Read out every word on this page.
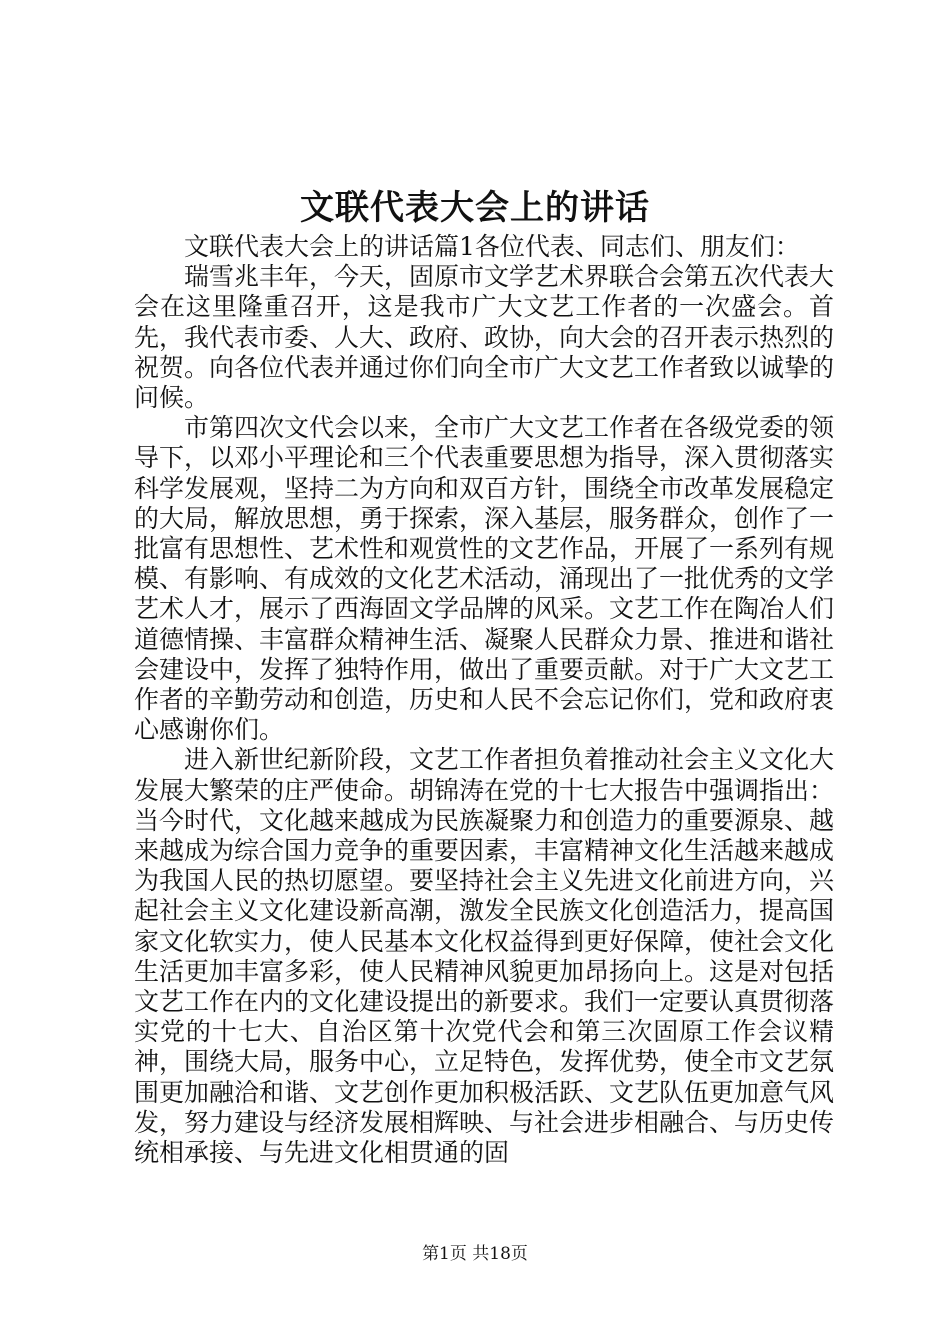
文联代表大会上的讲话

文联代表大会上的讲话篇1各位代表、同志们、朋友们：

瑞雪兆丰年，今天，固原市文学艺术界联合会第五次代表大会在这里隆重召开，这是我市广大文艺工作者的一次盛会。首先，我代表市委、人大、政府、政协，向大会的召开表示热烈的祝贺。向各位代表并通过你们向全市广大文艺工作者致以诚挚的问候。

市第四次文代会以来，全市广大文艺工作者在各级党委的领导下，以邓小平理论和三个代表重要思想为指导，深入贯彻落实科学发展观，坚持二为方向和双百方针，围绕全市改革发展稳定的大局，解放思想，勇于探索，深入基层，服务群众，创作了一批富有思想性、艺术性和观赏性的文艺作品，开展了一系列有规模、有影响、有成效的文化艺术活动，涌现出了一批优秀的文学艺术人才，展示了西海固文学品牌的风采。文艺工作在陶冶人们道德情操、丰富群众精神生活、凝聚人民群众力景、推进和谐社会建设中，发挥了独特作用，做出了重要贡献。对于广大文艺工作者的辛勤劳动和创造，历史和人民不会忘记你们，党和政府衷心感谢你们。

进入新世纪新阶段，文艺工作者担负着推动社会主义文化大发展大繁荣的庄严使命。胡锦涛在党的十七大报告中强调指出：当今时代，文化越来越成为民族凝聚力和创造力的重要源泉、越来越成为综合国力竞争的重要因素，丰富精神文化生活越来越成为我国人民的热切愿望。要坚持社会主义先进文化前进方向，兴起社会主义文化建设新高潮，激发全民族文化创造活力，提高国家文化软实力，使人民基本文化权益得到更好保障，使社会文化生活更加丰富多彩，使人民精神风貌更加昂扬向上。这是对包括文艺工作在内的文化建设提出的新要求。我们一定要认真贯彻落实党的十七大、自治区第十次党代会和第三次固原工作会议精神，围绕大局，服务中心，立足特色，发挥优势，使全市文艺氛围更加融洽和谐、文艺创作更加积极活跃、文艺队伍更加意气风发，努力建设与经济发展相辉映、与社会进步相融合、与历史传统相承接、与先进文化相贯通的固

第1页 共18页
